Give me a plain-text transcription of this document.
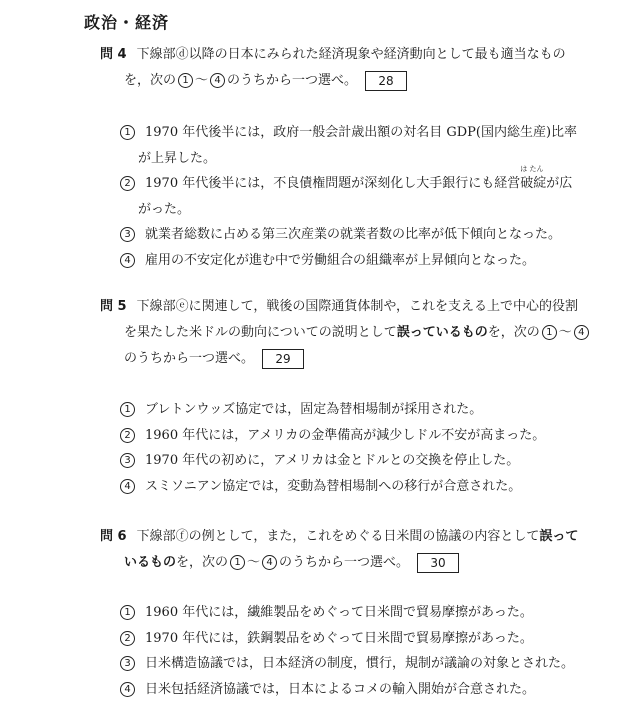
政治・経済
問 4 下線部ⓓ以降の日本にみられた経済現象や経済動向として最も適当なもの
を，次の 1 ～ 4 のうちから一つ選べ。 28
1 1970 年代後半には，政府一般会計歳出額の対名目 GDP(国内総生産)比率
が上昇した。
2 1970 年代後半には，不良債権問題が深刻化し大手銀行にも経営
は たん
破綻が広
がった。
3 就業者総数に占める第三次産業の就業者数の比率が低下傾向となった。
4 雇用の不安定化が進む中で労働組合の組織率が上昇傾向となった。
問 5 下線部ⓔに関連して，戦後の国際通貨体制や，これを支える上で中心的役割
を果たした米ドルの動向についての説明として誤っているものを，次の 1 ～ 4
のうちから一つ選べ。 29
1 ブレトンウッズ協定では，固定為替相場制が採用された。
2 1960 年代には，アメリカの金準備高が減少しドル不安が高まった。
3 1970 年代の初めに，アメリカは金とドルとの交換を停止した。
4 スミソニアン協定では，変動為替相場制への移行が合意された。
問 6 下線部ⓕの例として，また，これをめぐる日米間の協議の内容として誤って
いるものを，次の 1 ～ 4 のうちから一つ選べ。 30
1 1960 年代には，繊維製品をめぐって日米間で貿易摩擦があった。
2 1970 年代には，鉄鋼製品をめぐって日米間で貿易摩擦があった。
3 日米構造協議では，日本経済の制度，慣行，規制が議論の対象とされた。
4 日米包括経済協議では，日本によるコメの輸入開始が合意された。
